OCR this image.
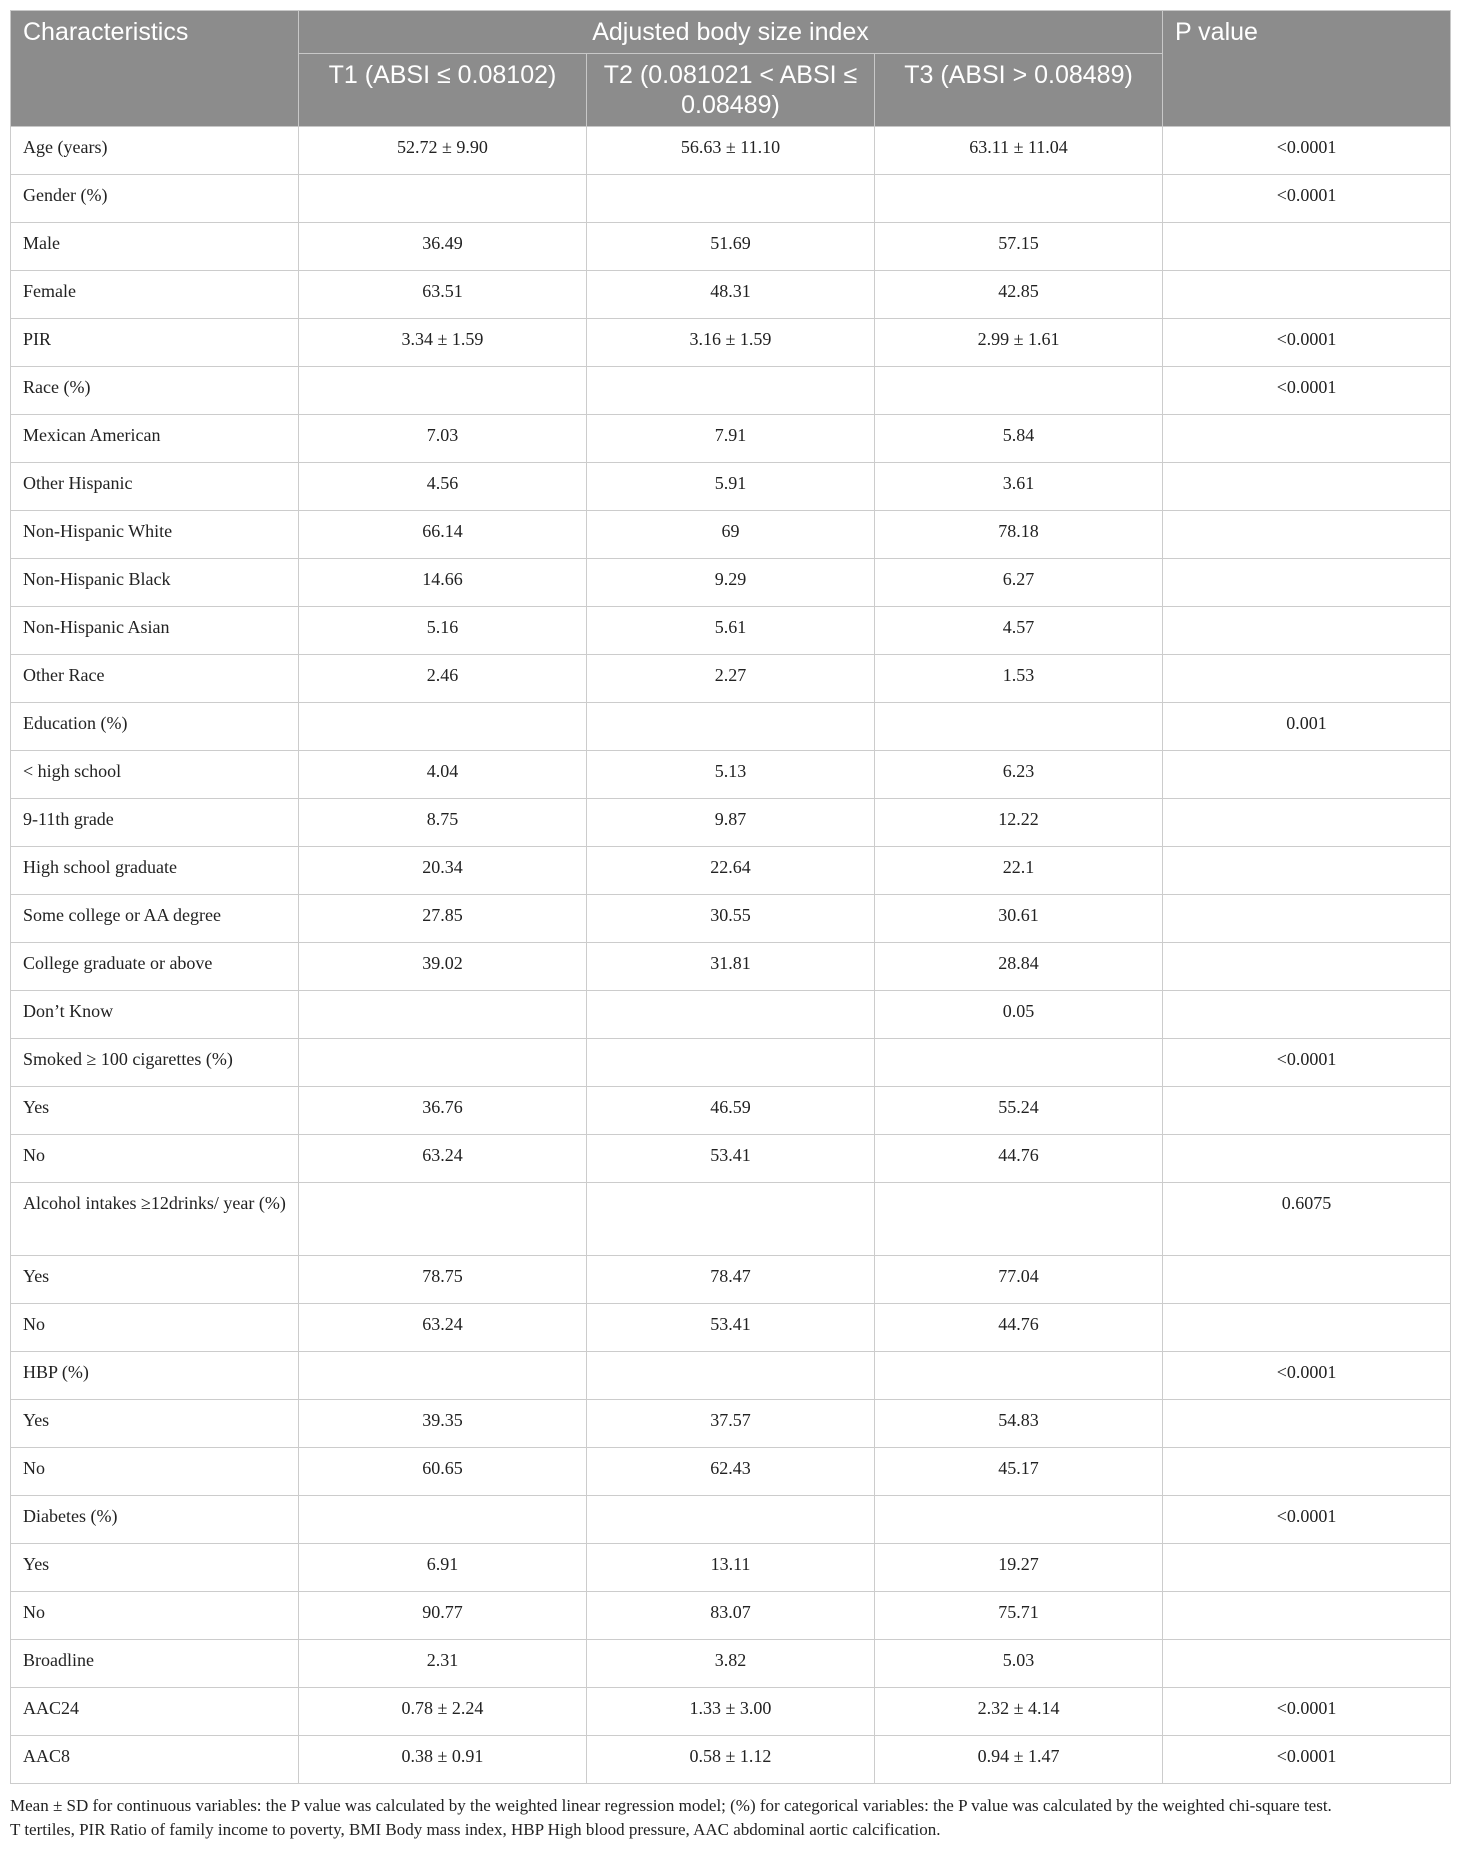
Characteristics	Adjusted body size index			P value
	T1 (ABSI ≤ 0.08102)	T2 (0.081021 < ABSI ≤ 0.08489)	T3 (ABSI > 0.08489)	
Age (years)	52.72 ± 9.90	56.63 ± 11.10	63.11 ± 11.04	<0.0001
Gender (%)				<0.0001
Male	36.49	51.69	57.15	
Female	63.51	48.31	42.85	
PIR	3.34 ± 1.59	3.16 ± 1.59	2.99 ± 1.61	<0.0001
Race (%)				<0.0001
Mexican American	7.03	7.91	5.84	
Other Hispanic	4.56	5.91	3.61	
Non-Hispanic White	66.14	69	78.18	
Non-Hispanic Black	14.66	9.29	6.27	
Non-Hispanic Asian	5.16	5.61	4.57	
Other Race	2.46	2.27	1.53	
Education (%)				0.001
< high school	4.04	5.13	6.23	
9-11th grade	8.75	9.87	12.22	
High school graduate	20.34	22.64	22.1	
Some college or AA degree	27.85	30.55	30.61	
College graduate or above	39.02	31.81	28.84	
Don’t Know			0.05	
Smoked ≥ 100 cigarettes (%)				<0.0001
Yes	36.76	46.59	55.24	
No	63.24	53.41	44.76	
Alcohol intakes ≥12drinks/ year (%)				0.6075
Yes	78.75	78.47	77.04	
No	63.24	53.41	44.76	
HBP (%)				<0.0001
Yes	39.35	37.57	54.83	
No	60.65	62.43	45.17	
Diabetes (%)				<0.0001
Yes	6.91	13.11	19.27	
No	90.77	83.07	75.71	
Broadline	2.31	3.82	5.03	
AAC24	0.78 ± 2.24	1.33 ± 3.00	2.32 ± 4.14	<0.0001
AAC8	0.38 ± 0.91	0.58 ± 1.12	0.94 ± 1.47	<0.0001
Mean ± SD for continuous variables: the P value was calculated by the weighted linear regression model; (%) for categorical variables: the P value was calculated by the weighted chi-square test.
T tertiles, PIR Ratio of family income to poverty, BMI Body mass index, HBP High blood pressure, AAC abdominal aortic calcification.
